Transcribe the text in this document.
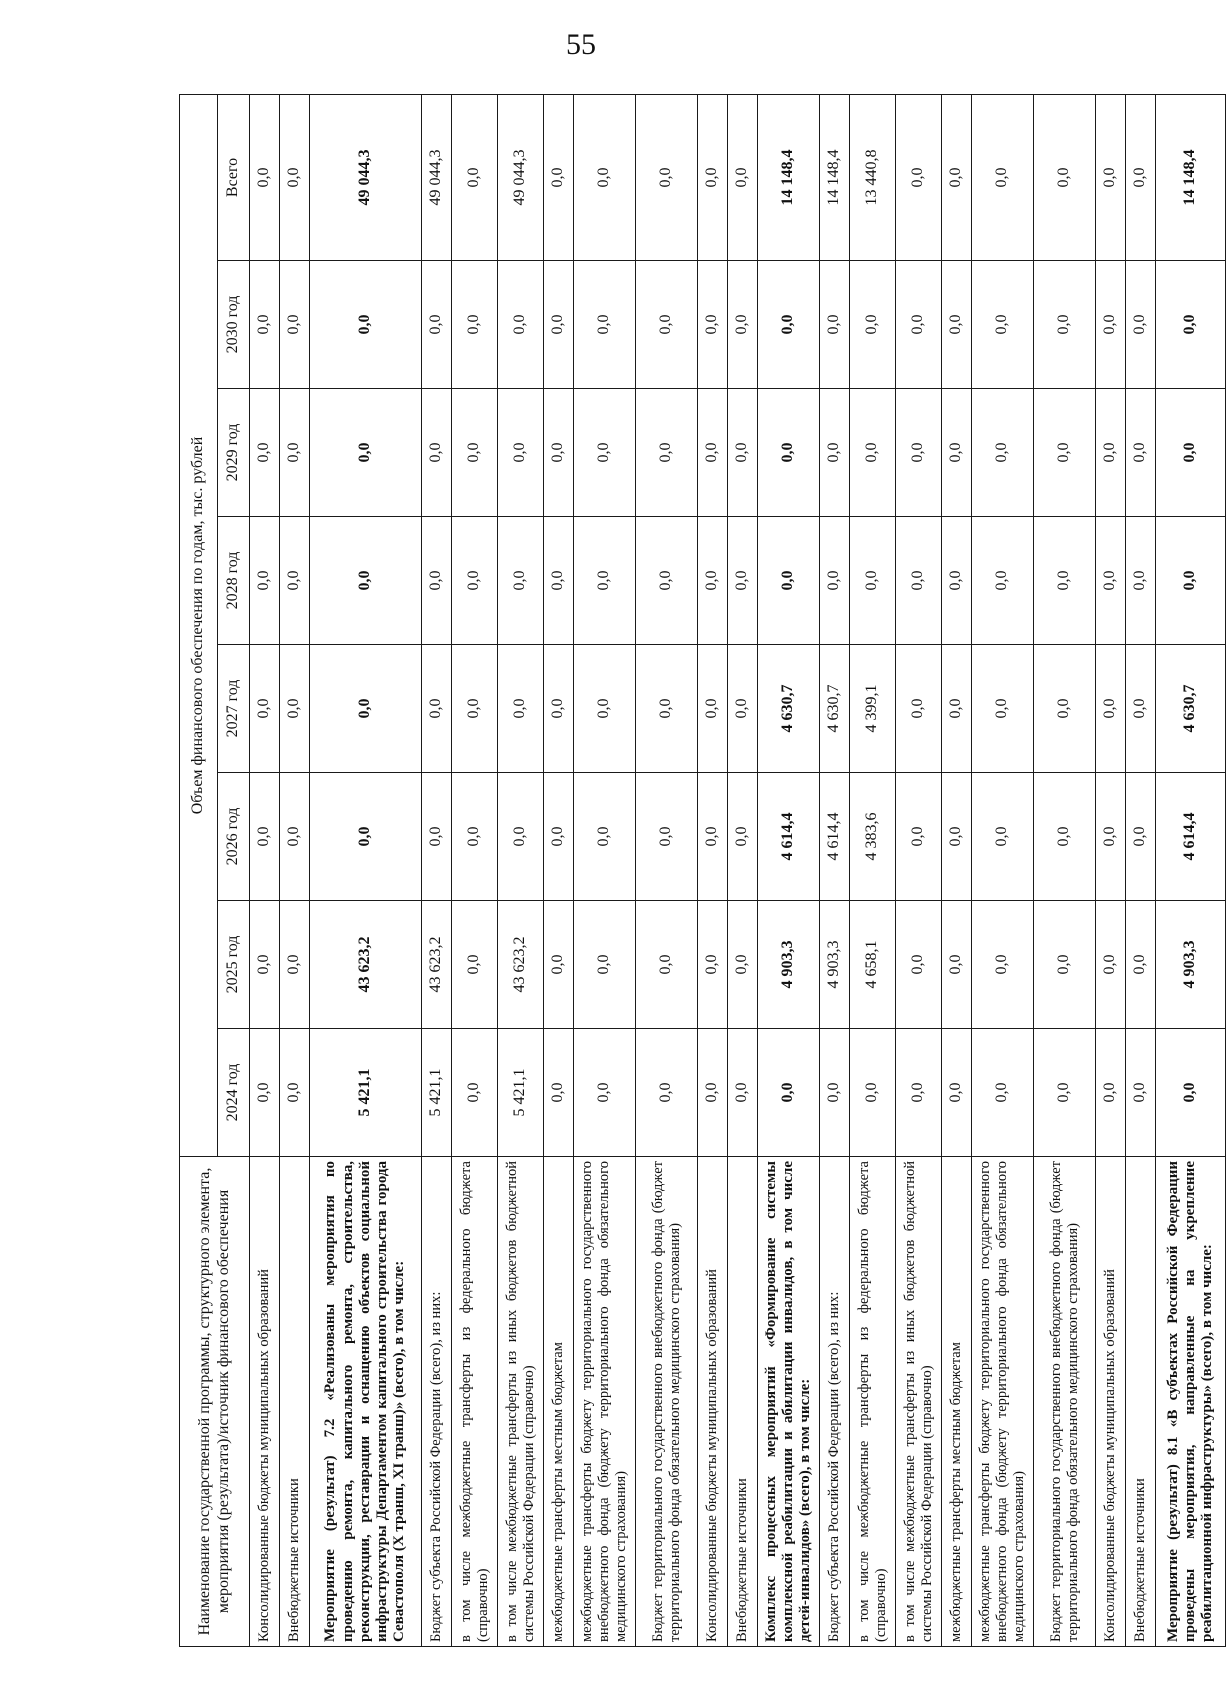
55
Наименование государственной программы, структурного элемента, мероприятия (результата)/источник финансового обеспечения	Объем финансового обеспечения по годам, тыс. рублей							
	2024 год	2025 год	2026 год	2027 год	2028 год	2029 год	2030 год	Всего
Консолидированные бюджеты муниципальных образований	0,0	0,0	0,0	0,0	0,0	0,0	0,0	0,0
Внебюджетные источники	0,0	0,0	0,0	0,0	0,0	0,0	0,0	0,0
Мероприятие (результат) 7.2 «Реализованы мероприятия по проведению ремонта, капитального ремонта, строительства, реконструкции, реставрации и оснащению объектов социальной инфраструктуры Департаментом капитального строительства города Севастополя (X транш, XI транш)» (всего), в том числе:	5 421,1	43 623,2	0,0	0,0	0,0	0,0	0,0	49 044,3
Бюджет субъекта Российской Федерации (всего), из них:	5 421,1	43 623,2	0,0	0,0	0,0	0,0	0,0	49 044,3
в том числе межбюджетные трансферты из федерального бюджета (справочно)	0,0	0,0	0,0	0,0	0,0	0,0	0,0	0,0
в том числе межбюджетные трансферты из иных бюджетов бюджетной системы Российской Федерации (справочно)	5 421,1	43 623,2	0,0	0,0	0,0	0,0	0,0	49 044,3
межбюджетные трансферты местным бюджетам	0,0	0,0	0,0	0,0	0,0	0,0	0,0	0,0
межбюджетные трансферты бюджету территориального государственного внебюджетного фонда (бюджету территориального фонда обязательного медицинского страхования)	0,0	0,0	0,0	0,0	0,0	0,0	0,0	0,0
Бюджет территориального государственного внебюджетного фонда (бюджет территориального фонда обязательного медицинского страхования)	0,0	0,0	0,0	0,0	0,0	0,0	0,0	0,0
Консолидированные бюджеты муниципальных образований	0,0	0,0	0,0	0,0	0,0	0,0	0,0	0,0
Внебюджетные источники	0,0	0,0	0,0	0,0	0,0	0,0	0,0	0,0
Комплекс процессных мероприятий «Формирование системы комплексной реабилитации и абилитации инвалидов, в том числе детей-инвалидов» (всего), в том числе:	0,0	4 903,3	4 614,4	4 630,7	0,0	0,0	0,0	14 148,4
Бюджет субъекта Российской Федерации (всего), из них:	0,0	4 903,3	4 614,4	4 630,7	0,0	0,0	0,0	14 148,4
в том числе межбюджетные трансферты из федерального бюджета (справочно)	0,0	4 658,1	4 383,6	4 399,1	0,0	0,0	0,0	13 440,8
в том числе межбюджетные трансферты из иных бюджетов бюджетной системы Российской Федерации (справочно)	0,0	0,0	0,0	0,0	0,0	0,0	0,0	0,0
межбюджетные трансферты местным бюджетам	0,0	0,0	0,0	0,0	0,0	0,0	0,0	0,0
межбюджетные трансферты бюджету территориального государственного внебюджетного фонда (бюджету территориального фонда обязательного медицинского страхования)	0,0	0,0	0,0	0,0	0,0	0,0	0,0	0,0
Бюджет территориального государственного внебюджетного фонда (бюджет территориального фонда обязательного медицинского страхования)	0,0	0,0	0,0	0,0	0,0	0,0	0,0	0,0
Консолидированные бюджеты муниципальных образований	0,0	0,0	0,0	0,0	0,0	0,0	0,0	0,0
Внебюджетные источники	0,0	0,0	0,0	0,0	0,0	0,0	0,0	0,0
Мероприятие (результат) 8.1 «В субъектах Российской Федерации проведены мероприятия, направленные на укрепление реабилитационной инфраструктуры» (всего), в том числе:	0,0	4 903,3	4 614,4	4 630,7	0,0	0,0	0,0	14 148,4
